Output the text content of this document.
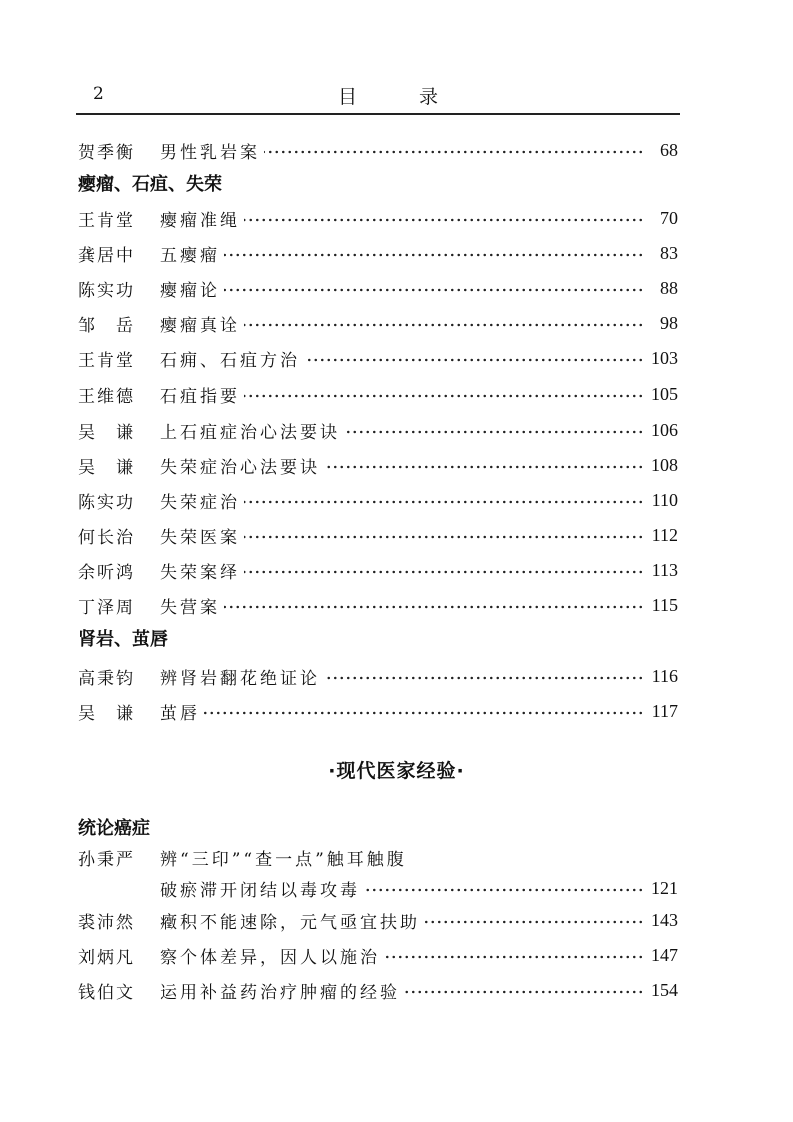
2	目 录
贺季衡	男性乳岩案	68
瘿瘤、石疽、失荣
王肯堂	瘿瘤准绳	70
龚居中	五瘿瘤	83
陈实功	瘿瘤论	88
邹　岳	瘿瘤真诠	98
王肯堂	石痈、石疽方治	103
王维德	石疽指要	105
吴　谦	上石疽症治心法要诀	106
吴　谦	失荣症治心法要诀	108
陈实功	失荣症治	110
何长治	失荣医案	112
余听鸿	失荣案绎	113
丁泽周	失营案	115
肾岩、茧唇
高秉钧	辨肾岩翻花绝证论	116
吴　谦	茧唇	117
·现代医家经验·
统论癌症
孙秉严	辨“三印”“查一点”触耳触腹
破瘀滞开闭结以毒攻毒	121
裘沛然	癥积不能速除，元气亟宜扶助	143
刘炳凡	察个体差异，因人以施治	147
钱伯文	运用补益药治疗肿瘤的经验	154
